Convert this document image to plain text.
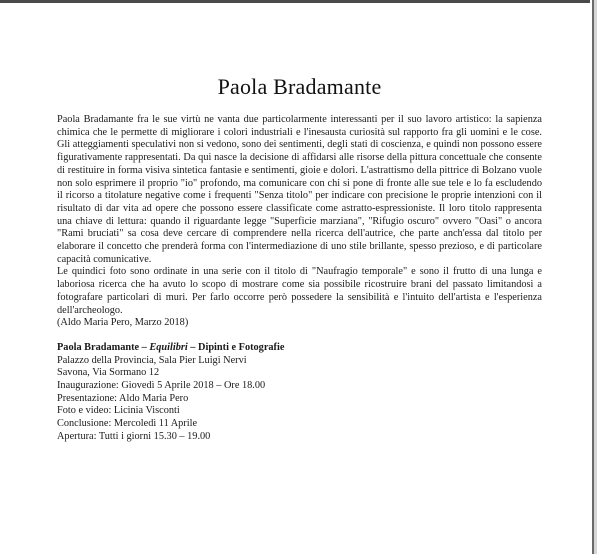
Paola Bradamante

Paola Bradamante fra le sue virtù ne vanta due particolarmente interessanti per il suo lavoro artistico: la sapienza chimica che le permette di migliorare i colori industriali e l'inesausta curiosità sul rapporto fra gli uomini e le cose. Gli atteggiamenti speculativi non si vedono, sono dei sentimenti, degli stati di coscienza, e quindi non possono essere figurativamente rappresentati. Da qui nasce la decisione di affidarsi alle risorse della pittura concettuale che consente di restituire in forma visiva sintetica fantasie e sentimenti, gioie e dolori. L'astrattismo della pittrice di Bolzano vuole non solo esprimere il proprio "io" profondo, ma comunicare con chi si pone di fronte alle sue tele e lo fa escludendo il ricorso a titolature negative come i frequenti "Senza titolo" per indicare con precisione le proprie intenzioni con il risultato di dar vita ad opere che possono essere classificate come astratto-espressioniste. Il loro titolo rappresenta una chiave di lettura: quando il riguardante legge "Superficie marziana", "Rifugio oscuro" ovvero "Oasi" o ancora "Rami bruciati" sa cosa deve cercare di comprendere nella ricerca dell'autrice, che parte anch'essa dal titolo per elaborare il concetto che prenderà forma con l'intermediazione di uno stile brillante, spesso prezioso, e di particolare capacità comunicative.

Le quindici foto sono ordinate in una serie con il titolo di "Naufragio temporale" e sono il frutto di una lunga e laboriosa ricerca che ha avuto lo scopo di mostrare come sia possibile ricostruire brani del passato limitandosi a fotografare particolari di muri. Per farlo occorre però possedere la sensibilità e l'intuito dell'artista e l'esperienza dell'archeologo.

(Aldo Maria Pero, Marzo 2018)

Paola Bradamante – Equilibri – Dipinti e Fotografie
Palazzo della Provincia, Sala Pier Luigi Nervi
Savona, Via Sormano 12
Inaugurazione: Giovedì 5 Aprile 2018 – Ore 18.00
Presentazione: Aldo Maria Pero
Foto e video: Licinia Visconti
Conclusione: Mercoledì 11 Aprile
Apertura: Tutti i giorni 15.30 – 19.00
